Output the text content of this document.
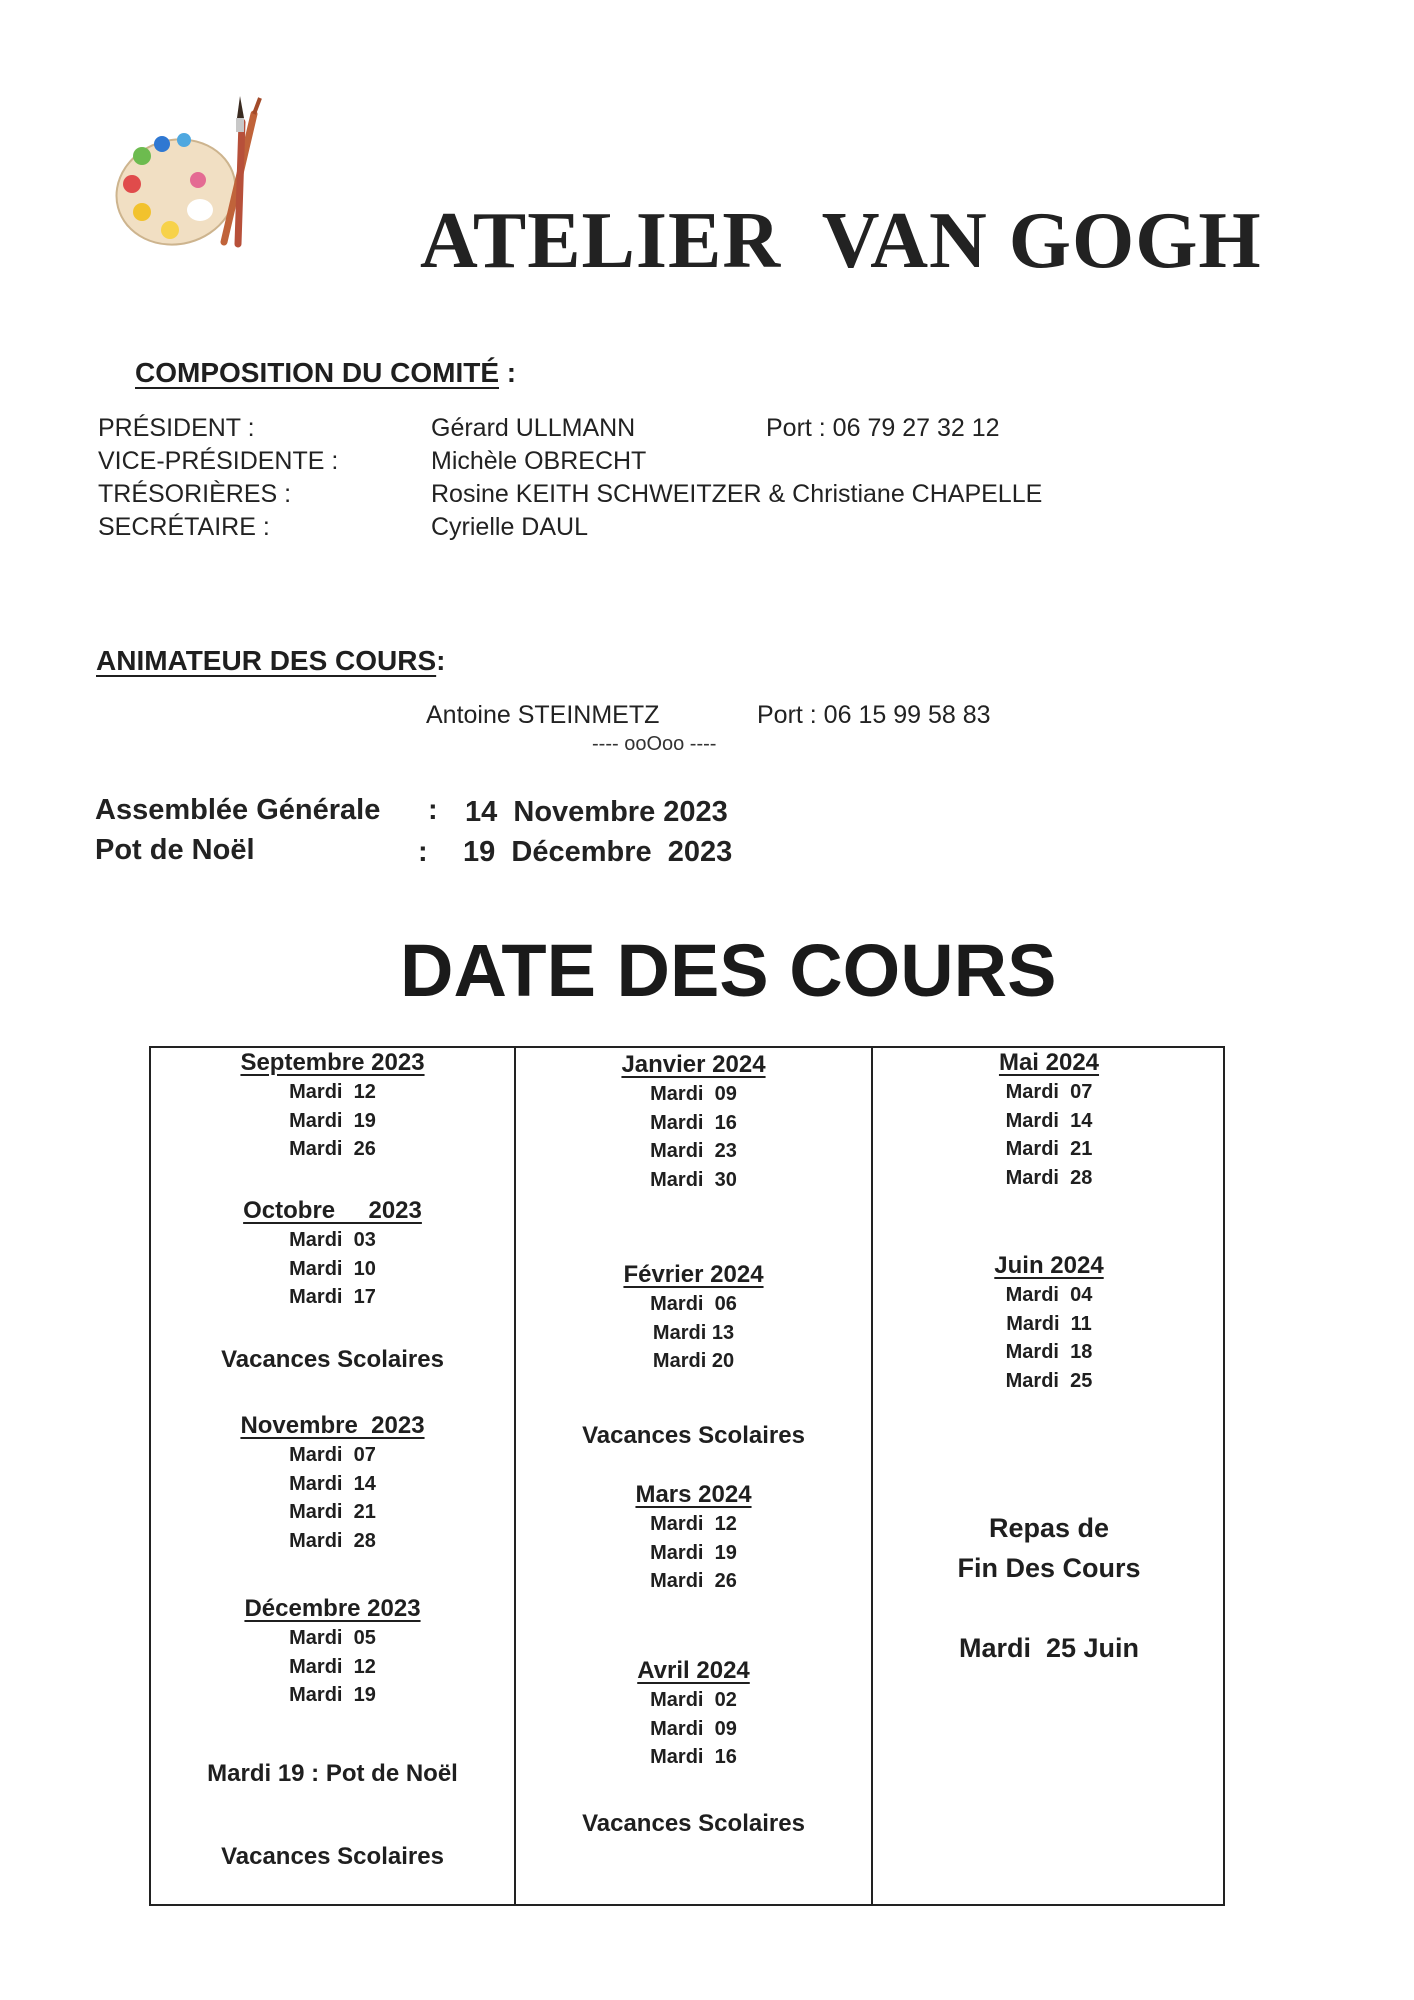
ATELIER  VAN GOGH
COMPOSITION DU COMITÉ :
PRÉSIDENT :	Gérard ULLMANN	Port : 06 79 27 32 12
VICE-PRÉSIDENTE :	Michèle OBRECHT
TRÉSORIÈRES :	Rosine KEITH SCHWEITZER & Christiane CHAPELLE
SECRÉTAIRE :	Cyrielle DAUL
ANIMATEUR DES COURS:
Antoine STEINMETZ	Port : 06 15 99 58 83
---- ooOoo ----
Assemblée Générale : 14  Novembre 2023
Pot de Noël	: 19  Décembre  2023
DATE DES COURS
Septembre 2023
Mardi  12
Mardi  19
Mardi  26
Octobre     2023
Mardi  03
Mardi  10
Mardi  17
Vacances Scolaires
Novembre  2023
Mardi  07
Mardi  14
Mardi  21
Mardi  28
Décembre 2023
Mardi  05
Mardi  12
Mardi  19
Mardi 19 : Pot de Noël
Vacances Scolaires
Janvier 2024
Mardi  09
Mardi  16
Mardi  23
Mardi  30
Février 2024
Mardi  06
Mardi 13
Mardi 20
Vacances Scolaires
Mars 2024
Mardi  12
Mardi  19
Mardi  26
Avril 2024
Mardi  02
Mardi  09
Mardi  16
Vacances Scolaires
Mai 2024
Mardi  07
Mardi  14
Mardi  21
Mardi  28
Juin 2024
Mardi  04
Mardi  11
Mardi  18
Mardi  25
Repas de
Fin Des Cours
Mardi  25 Juin
